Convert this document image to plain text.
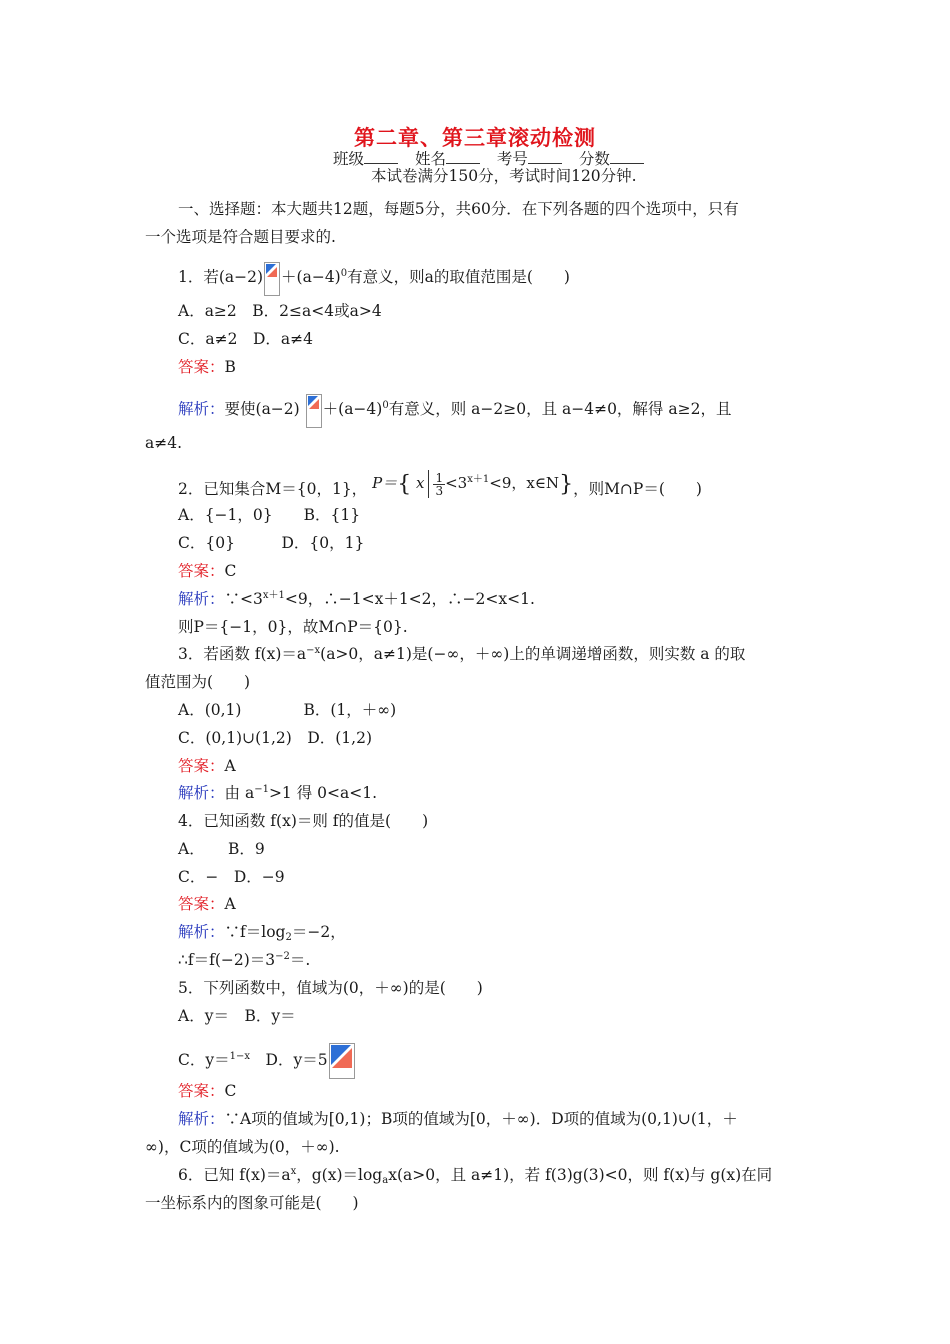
第二章、第三章滚动检测
班级	姓名	考号	分数
本试卷满分150分，考试时间120分钟.
一、选择题：本大题共12题，每题5分，共60分．在下列各题的四个选项中，只有
一个选项是符合题目要求的.
1．若$(a-2) +(a-4)^0$有意义，则a的取值范围是(　　)
A．a≥2　B．2≤a<4或a>4
C．a≠2　D．a≠4
答案：B
解析：要使$(a-2) +(a-4)^0$有意义，则 a−2≥0，且 a−4≠0，解得 a≥2，且
a≠4.
2．已知集合M＝{0，1}， P＝{ x $\frac{1}{3} <3^{x+1}<9$，x∈N}，则M∩P＝(　　)
A．{−1，0}　　B．{1}
C．{0}　　　D．{0，1}
答案：C
解析：$\because<3^{x+1}<9$，∴−1<x＋1<2，∴−2<x<1.
则P＝{−1，0}，故M∩P＝{0}.
3．若函数 $f(x)=a^{-x}(a>0$，a≠1)是(−∞，＋∞)上的单调递增函数，则实数 a 的取
值范围为(　　)
A．(0,1)　　　　B．(1，＋∞)
C．(0,1)∪(1,2)　D．(1,2)
答案：A
解析：由 $a^{-1}>1$ 得 0<a<1.
4．已知函数 f(x)＝则 f的值是(　　)
A．　　B．9
C．−　D．−9
答案：A
解析：$\because f=\log_2=-2$，
$\therefore f=f(-2)=3^{-2}=$.
5．下列函数中，值域为(0，＋∞)的是(　　)
A．y＝　B．y＝
C．y＝$^{1-x}$　D．y＝5
答案：C
解析：∵A项的值域为[0,1)；B项的值域为[0，＋∞)．D项的值域为(0,1)∪(1，＋
∞)，C项的值域为(0，＋∞).
6．已知 $f(x)=a^x$，$g(x)=\log_ax(a>0$，且 a≠1)，若 f(3)g(3)<0，则 f(x)与 g(x)在同
一坐标系内的图象可能是(　　)
